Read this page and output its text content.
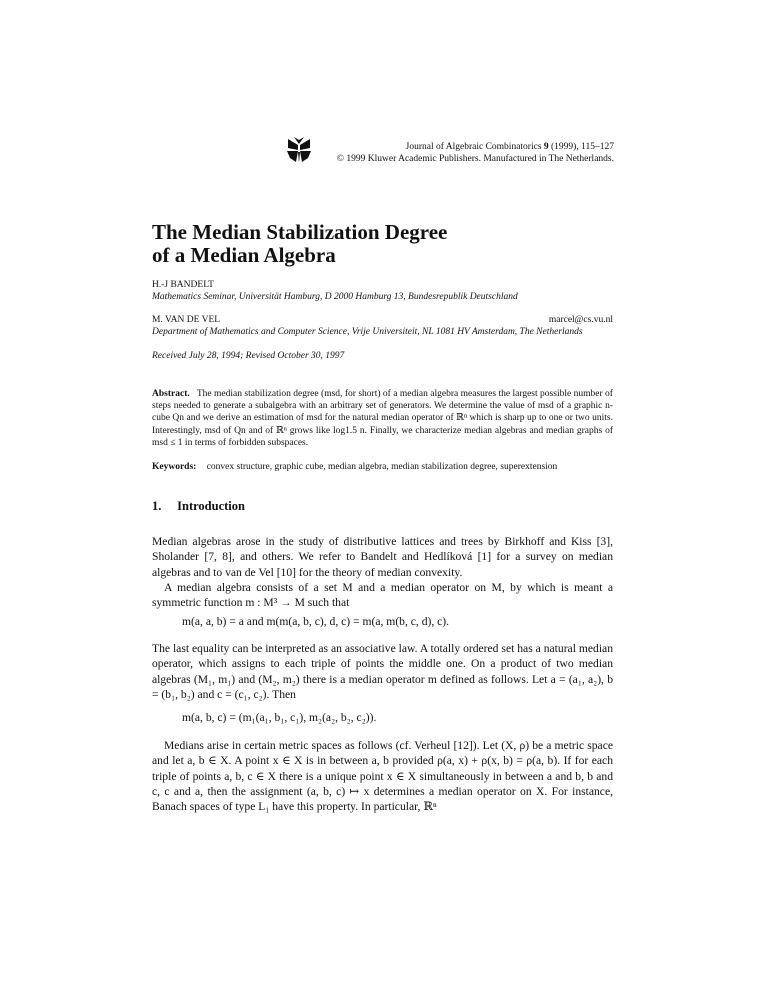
Journal of Algebraic Combinatorics 9 (1999), 115–127
© 1999 Kluwer Academic Publishers. Manufactured in The Netherlands.
The Median Stabilization Degree
of a Median Algebra
H.-J BANDELT
Mathematics Seminar, Universität Hamburg, D 2000 Hamburg 13, Bundesrepublik Deutschland
M. VAN DE VEL	marcel@cs.vu.nl
Department of Mathematics and Computer Science, Vrije Universiteit, NL 1081 HV Amsterdam, The Netherlands
Received July 28, 1994; Revised October 30, 1997
Abstract. The median stabilization degree (msd, for short) of a median algebra measures the largest possible number of steps needed to generate a subalgebra with an arbitrary set of generators. We determine the value of msd of a graphic n-cube Qn and we derive an estimation of msd for the natural median operator of ℝⁿ which is sharp up to one or two units. Interestingly, msd of Qn and of ℝⁿ grows like log1.5 n. Finally, we characterize median algebras and median graphs of msd ≤ 1 in terms of forbidden subspaces.
Keywords: convex structure, graphic cube, median algebra, median stabilization degree, superextension
1. Introduction

Median algebras arose in the study of distributive lattices and trees by Birkhoff and Kiss [3], Sholander [7, 8], and others. We refer to Bandelt and Hedlíková [1] for a survey on median algebras and to van de Vel [10] for the theory of median convexity.

A median algebra consists of a set M and a median operator on M, by which is meant a symmetric function m : M³ → M such that

m(a, a, b) = a and m(m(a, b, c), d, c) = m(a, m(b, c, d), c).

The last equality can be interpreted as an associative law. A totally ordered set has a natural median operator, which assigns to each triple of points the middle one. On a product of two median algebras (M₁, m₁) and (M₂, m₂) there is a median operator m defined as follows. Let a = (a₁, a₂), b = (b₁, b₂) and c = (c₁, c₂). Then

m(a, b, c) = (m₁(a₁, b₁, c₁), m₂(a₂, b₂, c₂)).

Medians arise in certain metric spaces as follows (cf. Verheul [12]). Let (X, ρ) be a metric space and let a, b ∈ X. A point x ∈ X is in between a, b provided ρ(a, x) + ρ(x, b) = ρ(a, b). If for each triple of points a, b, c ∈ X there is a unique point x ∈ X simultaneously in between a and b, b and c, c and a, then the assignment (a, b, c) ↦ x determines a median operator on X. For instance, Banach spaces of type L₁ have this property. In particular, ℝⁿ
